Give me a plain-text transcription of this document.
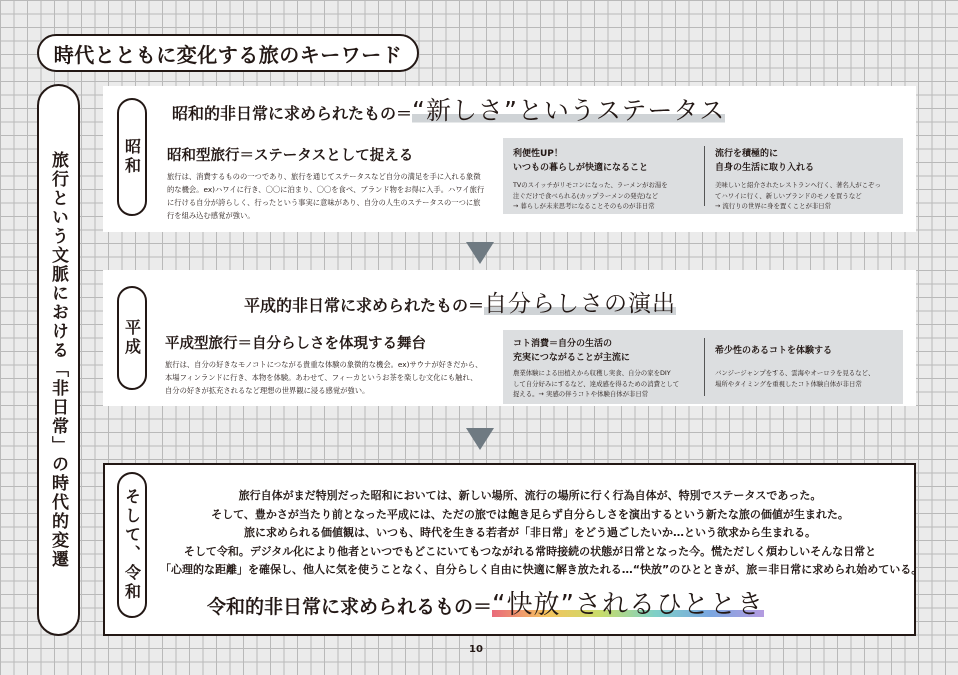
時代とともに変化する旅のキーワード
旅行という文脈における「非日常」の時代的変遷	昭和
昭和的非日常に求められたもの＝“新しさ”というステータス
昭和型旅行＝ステータスとして捉える
旅行は、消費するものの一つであり、旅行を通じてステータスなど自分の満足を手に入れる象徴的な機会。ex)ハワイに行き、〇〇に泊まり、〇〇を食べ、ブランド物をお得に入手。ハワイ旅行に行ける自分が誇らしく、行ったという事実に意味があり、自分の人生のステータスの一つに旅行を組み込む感覚が強い。
利便性UP！
いつもの暮らしが快適になること
TVのスイッチがリモコンになった、ラーメンがお湯を
注ぐだけで食べられる(カップラーメンの発売)など
→ 暮らしが未来思考になることそのものが非日常
流行を積極的に
自身の生活に取り入れる
美味しいと紹介されたレストランへ行く、著名人がこぞっ
てハワイに行く、新しいブランドのモノを買うなど
→ 流行りの世界に身を置くことが非日常
平成
平成的非日常に求められたもの＝自分らしさの演出
平成型旅行＝自分らしさを体現する舞台
旅行は、自分の好きなモノコトにつながる貴重な体験の象徴的な機会。ex)サウナが好きだから、本場フィンランドに行き、本物を体験。あわせて、フィーカというお茶を楽しむ文化にも触れ、自分の好きが拡充されるなど理想の世界観に浸る感覚が強い。
コト消費＝自分の生活の
充実につながることが主流に
農業体験による田植えから収穫し実食、自分の家をDIY
して自分好みにするなど、達成感を得るための消費として
捉える。→ 実感の伴うコトや体験自体が非日常
希少性のあるコトを体験する
バンジージャンプをする、雲海やオーロラを見るなど、
場所やタイミングを重視したコト体験自体が非日常
そして、令和	旅行自体がまだ特別だった昭和においては、新しい場所、流行の場所に行く行為自体が、特別でステータスであった。
そして、豊かさが当たり前となった平成には、ただの旅では飽き足らず自分らしさを演出するという新たな旅の価値が生まれた。
旅に求められる価値観は、いつも、時代を生きる若者が「非日常」をどう過ごしたいか…という欲求から生まれる。
そして令和。デジタル化により他者といつでもどこにいてもつながれる常時接続の状態が日常となった今。慌ただしく煩わしいそんな日常と
「心理的な距離」を確保し、他人に気を使うことなく、自分らしく自由に快適に解き放たれる…“快放”のひとときが、旅＝非日常に求められ始めている。
令和的非日常に求められるもの＝“快放”されるひととき
10
